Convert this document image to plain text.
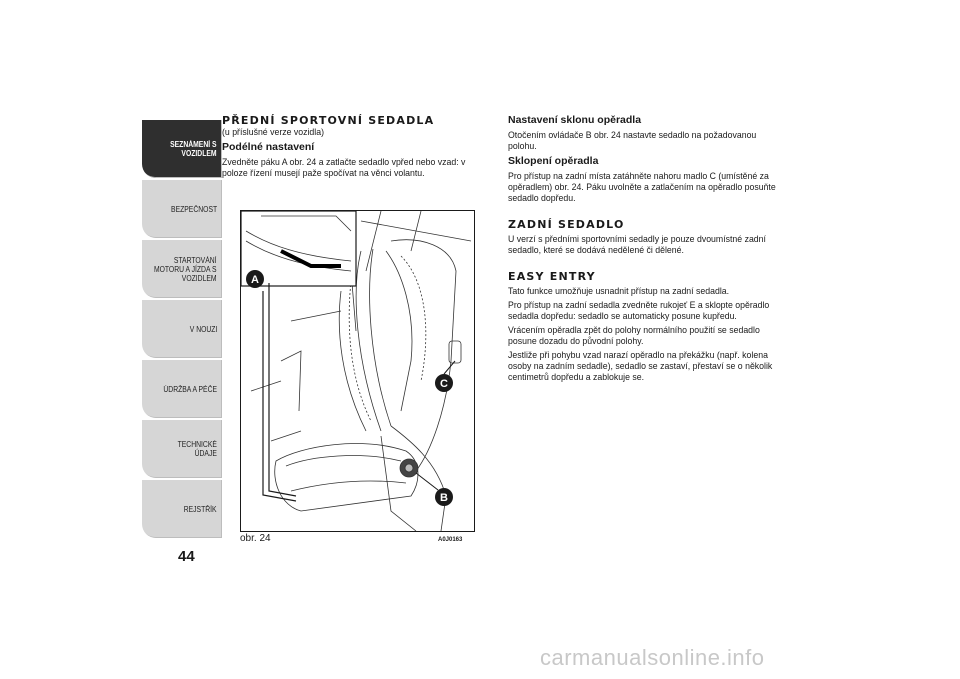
SEZNÁMENÍ S
VOZIDLEM
BEZPEČNOST
STARTOVÁNÍ
MOTORU A JÍZDA S
VOZIDLEM
V NOUZI
ÚDRŽBA A PÉČE
TECHNICKÉ ÚDAJE
REJSTŘÍK
44

PŘEDNÍ SPORTOVNÍ SEDADLA

(u příslušné verze vozidla)

Podélné nastavení

Zvedněte páku A obr. 24 a zatlačte sedadlo vpřed nebo vzad: v poloze řízení musejí paže spočívat na věnci volantu.

A
C
B
obr. 24	A0J0163

Nastavení sklonu opěradla

Otočením ovládače B obr. 24 nastavte sedadlo na požadovanou polohu.

Sklopení opěradla

Pro přístup na zadní místa zatáhněte nahoru madlo C (umístěné za opěradlem) obr. 24. Páku uvolněte a zatlačením na opěradlo posuňte sedadlo dopředu.

ZADNÍ SEDADLO

U verzí s předními sportovními sedadly je pouze dvoumístné zadní sedadlo, které se dodává nedělené či dělené.

EASY ENTRY

Tato funkce umožňuje usnadnit přístup na zadní sedadla.

Pro přístup na zadní sedadla zvedněte rukojeť E a sklopte opěradlo sedadla dopředu: sedadlo se automaticky posune kupředu.

Vrácením opěradla zpět do polohy normálního použití se sedadlo posune dozadu do původní polohy.

Jestliže při pohybu vzad narazí opěradlo na překážku (např. kolena osoby na zadním sedadle), sedadlo se zastaví, přestaví se o několik centimetrů dopředu a zablokuje se.

carmanualsonline.info
